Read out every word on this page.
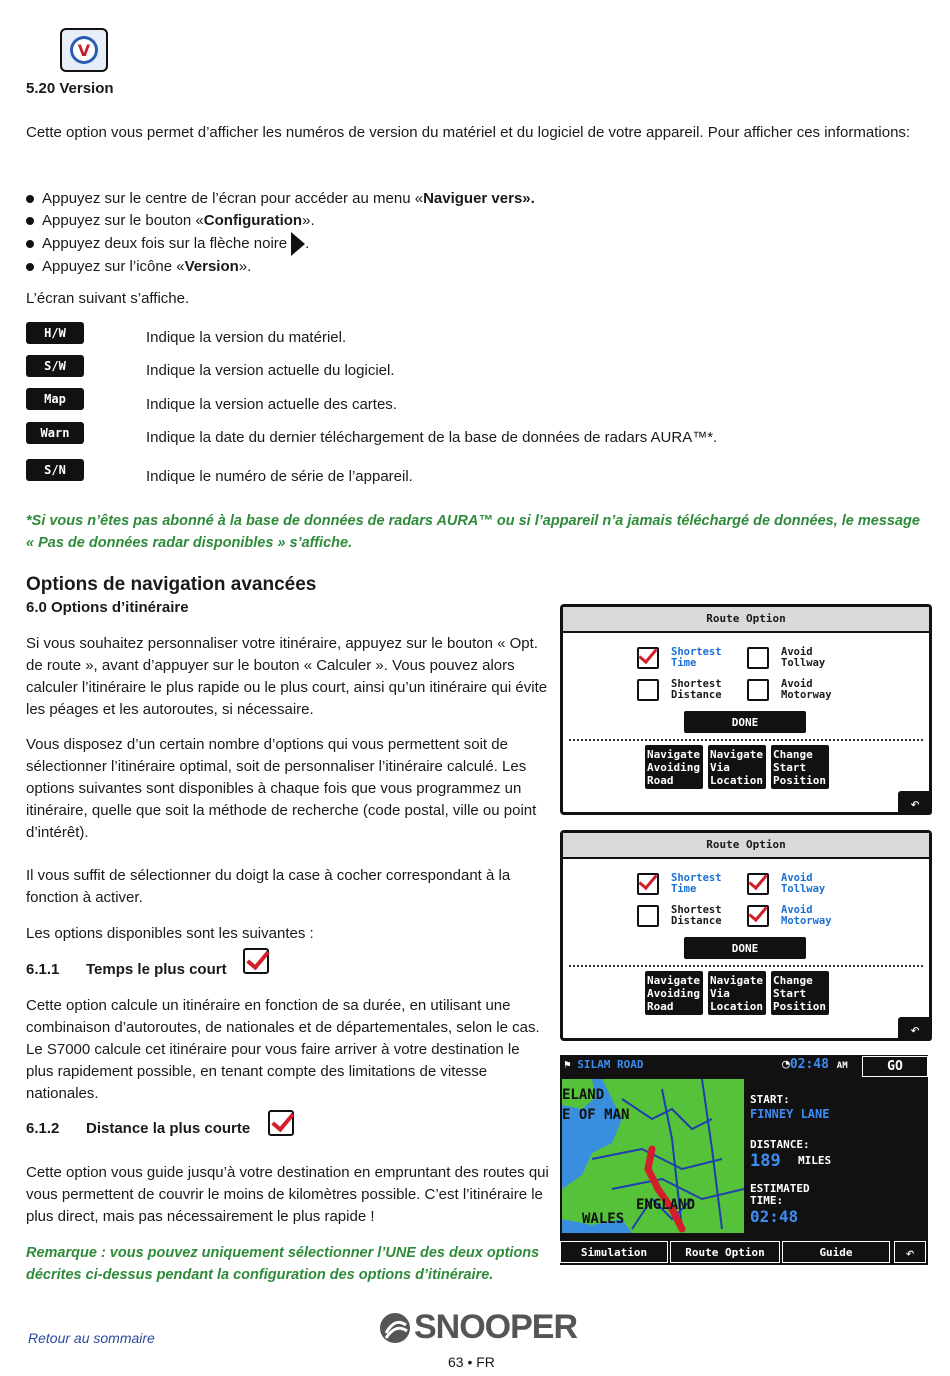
V
5.20 Version

Cette option vous permet d’afficher les numéros de version du matériel et du logiciel de votre appareil. Pour afficher ces informations:

Appuyez sur le centre de l’écran pour accéder au menu « Naviguer vers ».
Appuyez sur le bouton « Configuration ».
Appuyez deux fois sur la flèche noire .
Appuyez sur l’icône « Version ».

L’écran suivant s’affiche.

H/W	Indique la version du matériel.
S/W	Indique la version actuelle du logiciel.
Map	Indique la version actuelle des cartes.
Warn	Indique la date du dernier téléchargement de la base de données de radars AURA™*.
S/N	Indique le numéro de série de l’appareil.

*Si vous n’êtes pas abonné à la base de données de radars AURA™ ou si l’appareil n’a jamais téléchargé de données, le message « Pas de données radar disponibles » s’affiche.

Options de navigation avancées
6.0 Options d’itinéraire

Si vous souhaitez personnaliser votre itinéraire, appuyez sur le bouton « Opt. de route », avant d’appuyer sur le bouton « Calculer ». Vous pouvez alors calculer l’itinéraire le plus rapide ou le plus court, ainsi qu’un itinéraire qui évite les péages et les autoroutes, si nécessaire.

Vous disposez d’un certain nombre d’options qui vous permettent soit de sélectionner l’itinéraire optimal, soit de personnaliser l’itinéraire calculé. Les options suivantes sont disponibles à chaque fois que vous programmez un itinéraire, quelle que soit la méthode de recherche (code postal, ville ou point d’intérêt).

Il vous suffit de sélectionner du doigt la case à cocher correspondant à la fonction à activer.

Les options disponibles sont les suivantes :

6.1.1 Temps le plus court

Cette option calcule un itinéraire en fonction de sa durée, en utilisant une combinaison d’autoroutes, de nationales et de départementales, selon le cas. Le S7000 calcule cet itinéraire pour vous faire arriver à votre destination le plus rapidement possible, en tenant compte des limitations de vitesse nationales.

6.1.2 Distance la plus courte

Cette option vous guide jusqu’à votre destination en empruntant des routes qui vous permettent de couvrir le moins de kilomètres possible. C’est l’itinéraire le plus direct, mais pas nécessairement le plus rapide !

Remarque : vous pouvez uniquement sélectionner l’UNE des deux options décrites ci-dessus pendant la configuration des options d’itinéraire.

Route Option
Shortest Time
Avoid Tollway
Shortest Distance
Avoid Motorway
DONE
Navigate Avoiding Road
Navigate Via Location
Change Start Position
↶
Route Option
Shortest Time
Avoid Tollway
Shortest Distance
Avoid Motorway
DONE
Navigate Avoiding Road
Navigate Via Location
Change Start Position
↶
⚑ SILAM ROAD	◔02:48 AM	GO
ELAND
E OF MAN
ENGLAND
WALES
START:
FINNEY LANE
DISTANCE:
189 MILES
ESTIMATED TIME:
02:48
Simulation	Route Option	Guide	↶
Retour au sommaire	SNOOPER
63 • FR
